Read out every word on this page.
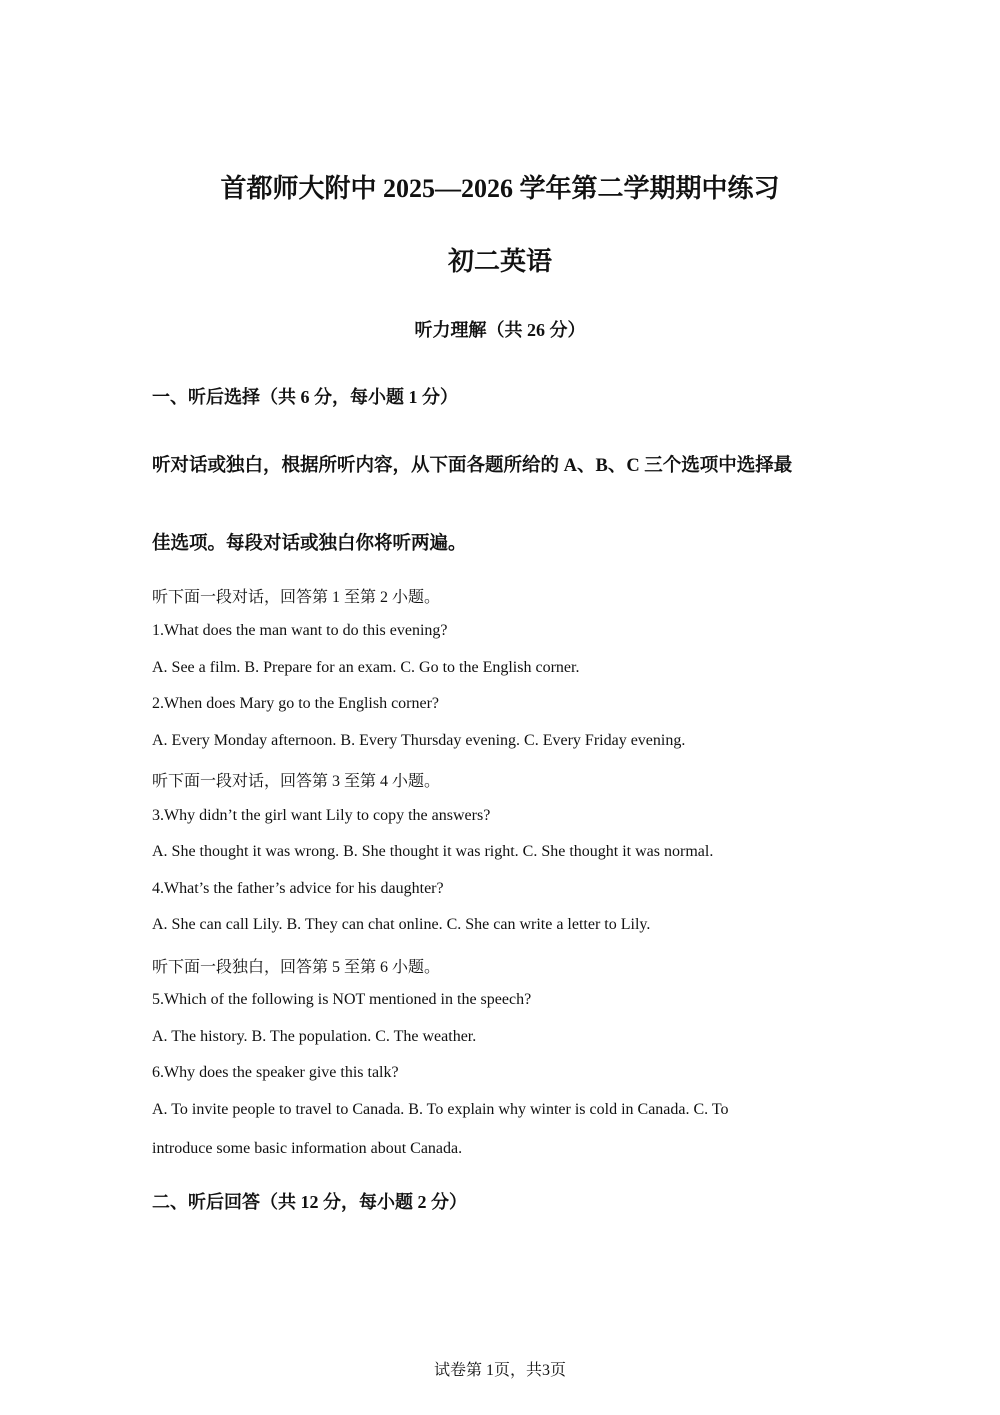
首都师大附中 2025—2026 学年第二学期期中练习
初二英语
听力理解（共 26 分）
一、听后选择（共 6 分，每小题 1 分）
听对话或独白，根据所听内容，从下面各题所给的 A、B、C 三个选项中选择最
佳选项。每段对话或独白你将听两遍。
听下面一段对话，回答第 1 至第 2 小题。
1.What does the man want to do this evening?
A. See a film. B. Prepare for an exam. C. Go to the English corner.
2.When does Mary go to the English corner?
A. Every Monday afternoon. B. Every Thursday evening. C. Every Friday evening.
听下面一段对话，回答第 3 至第 4 小题。
3.Why didn’t the girl want Lily to copy the answers?
A. She thought it was wrong. B. She thought it was right. C. She thought it was normal.
4.What’s the father’s advice for his daughter?
A. She can call Lily. B. They can chat online. C. She can write a letter to Lily.
听下面一段独白，回答第 5 至第 6 小题。
5.Which of the following is NOT mentioned in the speech?
A. The history. B. The population. C. The weather.
6.Why does the speaker give this talk?
A. To invite people to travel to Canada. B. To explain why winter is cold in Canada. C. To
introduce some basic information about Canada.
二、听后回答（共 12 分，每小题 2 分）
试卷第 1页，共3页
